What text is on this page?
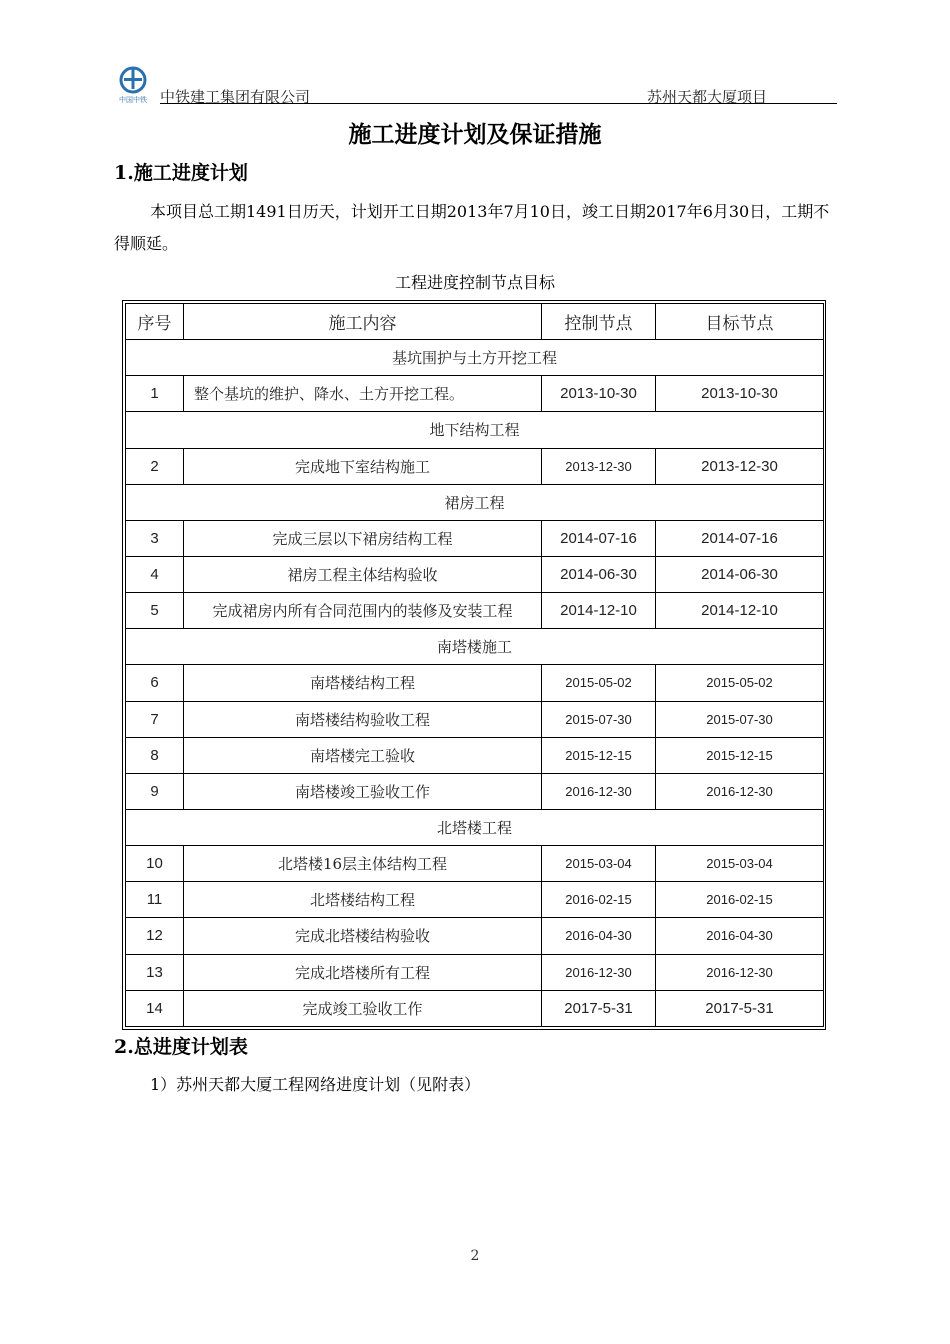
中国中铁 中铁建工集团有限公司	苏州天都大厦项目
施工进度计划及保证措施
1.施工进度计划

本项目总工期1491日历天，计划开工日期2013年7月10日，竣工日期2017年6月30日，工期不得顺延。

工程进度控制节点目标
序号	施工内容	控制节点	目标节点
基坑围护与土方开挖工程			
1	整个基坑的维护、降水、土方开挖工程。	2013-10-30	2013-10-30
地下结构工程			
2	完成地下室结构施工	2013-12-30	2013-12-30
裙房工程			
3	完成三层以下裙房结构工程	2014-07-16	2014-07-16
4	裙房工程主体结构验收	2014-06-30	2014-06-30
5	完成裙房内所有合同范围内的装修及安装工程	2014-12-10	2014-12-10
南塔楼施工			
6	南塔楼结构工程	2015-05-02	2015-05-02
7	南塔楼结构验收工程	2015-07-30	2015-07-30
8	南塔楼完工验收	2015-12-15	2015-12-15
9	南塔楼竣工验收工作	2016-12-30	2016-12-30
北塔楼工程			
10	北塔楼16层主体结构工程	2015-03-04	2015-03-04
11	北塔楼结构工程	2016-02-15	2016-02-15
12	完成北塔楼结构验收	2016-04-30	2016-04-30
13	完成北塔楼所有工程	2016-12-30	2016-12-30
14	完成竣工验收工作	2017-5-31	2017-5-31
2.总进度计划表
1）苏州天都大厦工程网络进度计划（见附表）
2
